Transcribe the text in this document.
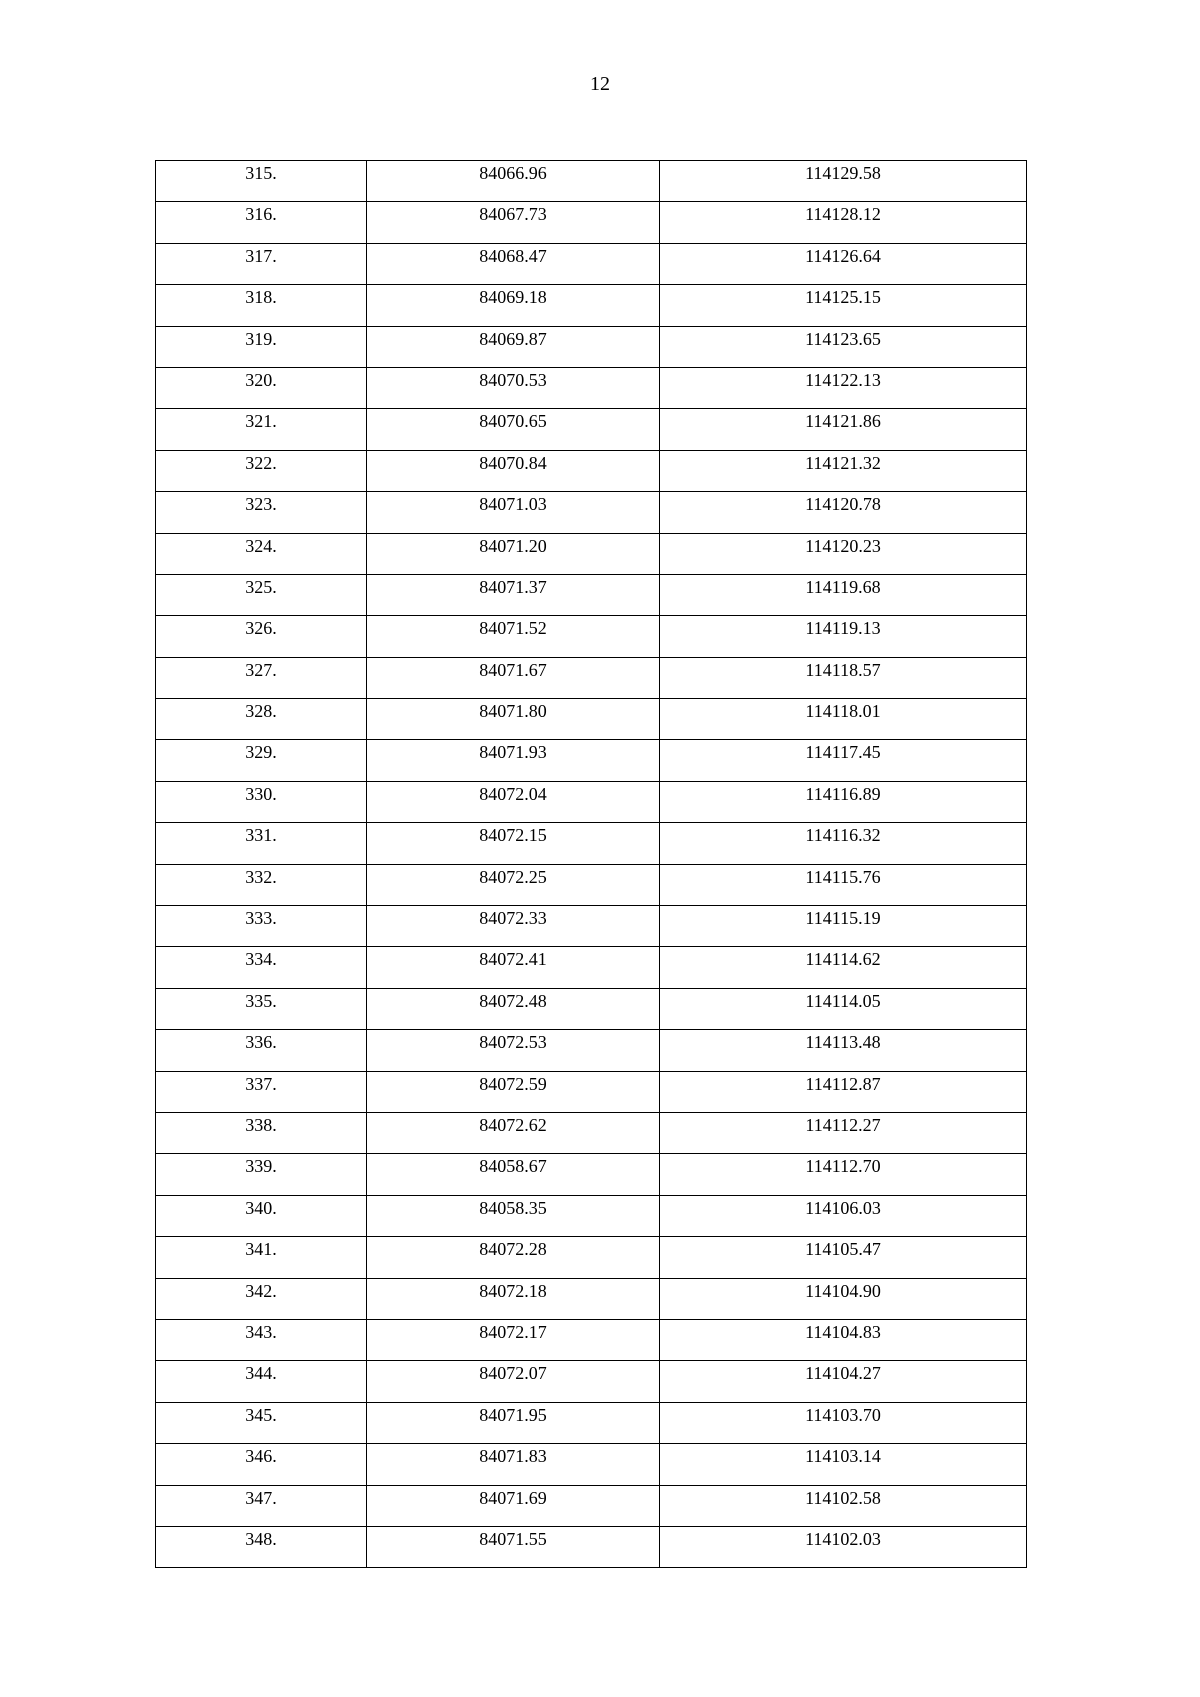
12
315.	84066.96	114129.58
316.	84067.73	114128.12
317.	84068.47	114126.64
318.	84069.18	114125.15
319.	84069.87	114123.65
320.	84070.53	114122.13
321.	84070.65	114121.86
322.	84070.84	114121.32
323.	84071.03	114120.78
324.	84071.20	114120.23
325.	84071.37	114119.68
326.	84071.52	114119.13
327.	84071.67	114118.57
328.	84071.80	114118.01
329.	84071.93	114117.45
330.	84072.04	114116.89
331.	84072.15	114116.32
332.	84072.25	114115.76
333.	84072.33	114115.19
334.	84072.41	114114.62
335.	84072.48	114114.05
336.	84072.53	114113.48
337.	84072.59	114112.87
338.	84072.62	114112.27
339.	84058.67	114112.70
340.	84058.35	114106.03
341.	84072.28	114105.47
342.	84072.18	114104.90
343.	84072.17	114104.83
344.	84072.07	114104.27
345.	84071.95	114103.70
346.	84071.83	114103.14
347.	84071.69	114102.58
348.	84071.55	114102.03
